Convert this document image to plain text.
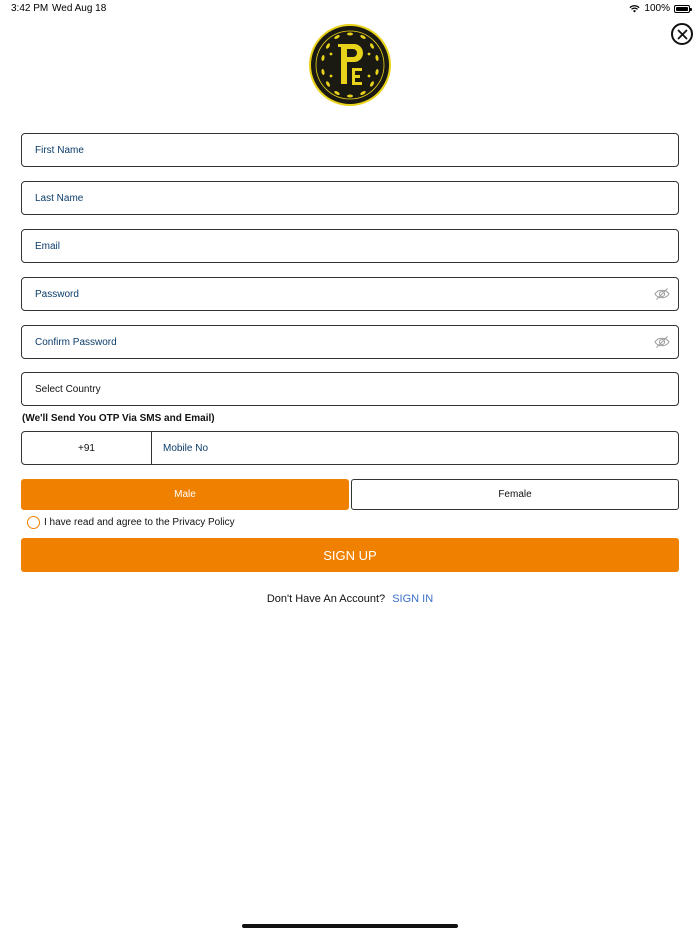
3:42 PM Wed Aug 18	100%
First Name
Last Name
Email
Select Country
(We'll Send You OTP Via SMS and Email)
+91
Mobile No
Male	Female
I have read and agree to the Privacy Policy
SIGN UP
Don't Have An Account? SIGN IN
